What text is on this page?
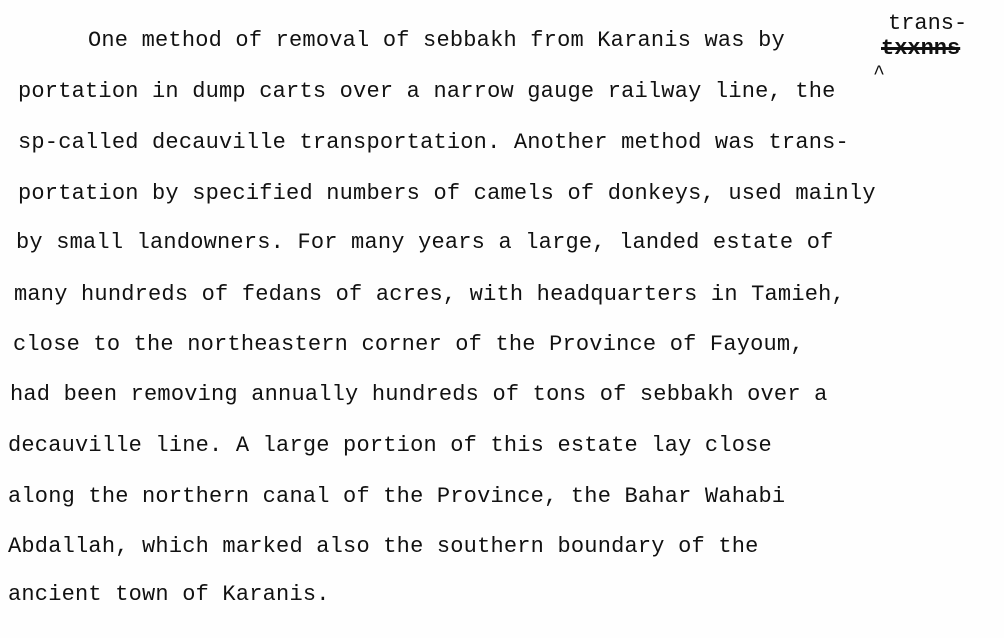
trans-
txxnns
^
One method of removal of sebbakh from Karanis was by
portation in dump carts over a narrow gauge railway line, the
sp-called decauville transportation. Another method was trans-
portation by specified numbers of camels of donkeys, used mainly
by small landowners. For many years a large, landed estate of
many hundreds of fedans of acres, with headquarters in Tamieh,
close to the northeastern corner of the Province of Fayoum,
had been removing annually hundreds of tons of sebbakh over a
decauville line. A large portion of this estate lay close
along the northern canal of the Province, the Bahar Wahabi
Abdallah, which marked also the southern boundary of the
ancient town of Karanis.
